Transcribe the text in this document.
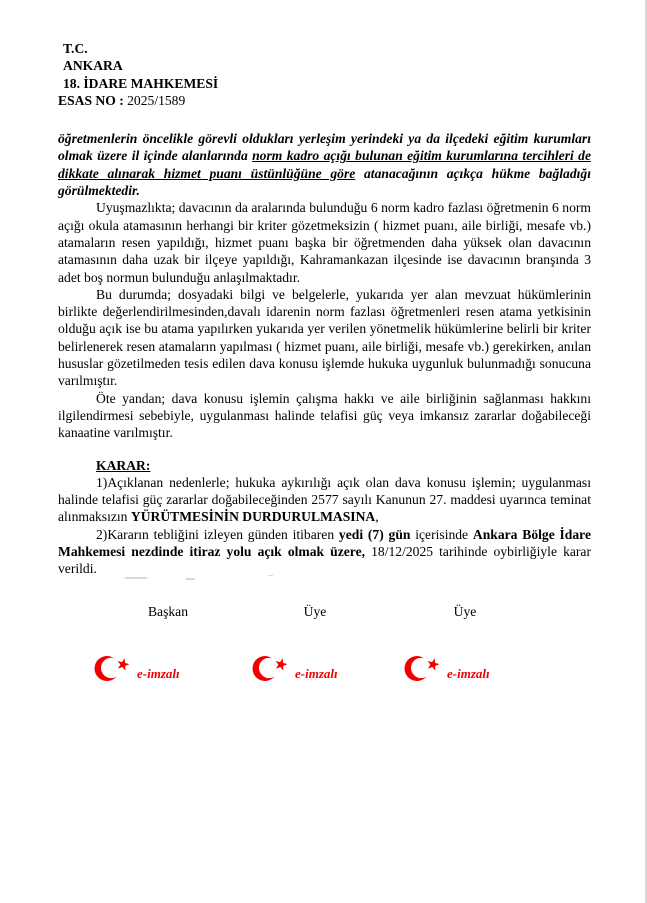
T.C.
ANKARA
18. İDARE MAHKEMESİ
ESAS NO : 2025/1589

öğretmenlerin öncelikle görevli oldukları yerleşim yerindeki ya da ilçedeki eğitim kurumları olmak üzere il içinde alanlarında norm kadro açığı bulunan eğitim kurumlarına tercihleri de dikkate alınarak hizmet puanı üstünlüğüne göre atanacağının açıkça hükme bağladığı görülmektedir.

Uyuşmazlıkta; davacının da aralarında bulunduğu 6 norm kadro fazlası öğretmenin 6 norm açığı okula atamasının herhangi bir kriter gözetmeksizin ( hizmet puanı, aile birliği, mesafe vb.) atamaların resen yapıldığı, hizmet puanı başka bir öğretmenden daha yüksek olan davacının atamasının daha uzak bir ilçeye yapıldığı, Kahramankazan ilçesinde ise davacının branşında 3 adet boş normun bulunduğu anlaşılmaktadır.

Bu durumda; dosyadaki bilgi ve belgelerle, yukarıda yer alan mevzuat hükümlerinin birlikte değerlendirilmesinden,davalı idarenin norm fazlası öğretmenleri resen atama yetkisinin olduğu açık ise bu atama yapılırken yukarıda yer verilen yönetmelik hükümlerine belirli bir kriter belirlenerek resen atamaların yapılması ( hizmet puanı, aile birliği, mesafe vb.) gerekirken, anılan hususlar gözetilmeden tesis edilen dava konusu işlemde hukuka uygunluk bulunmadığı sonucuna varılmıştır.

Öte yandan; dava konusu işlemin çalışma hakkı ve aile birliğinin sağlanması hakkını ilgilendirmesi sebebiyle, uygulanması halinde telafisi güç veya imkansız zararlar doğabileceği kanaatine varılmıştır.

KARAR:

1)Açıklanan nedenlerle; hukuka aykırılığı açık olan dava konusu işlemin; uygulanması halinde telafisi güç zararlar doğabileceğinden 2577 sayılı Kanunun 27. maddesi uyarınca teminat alınmaksızın YÜRÜTMESİNİN DURDURULMASINA,

2)Kararın tebliğini izleyen günden itibaren yedi (7) gün içerisinde Ankara Bölge İdare Mahkemesi nezdinde itiraz yolu açık olmak üzere, 18/12/2025 tarihinde oybirliğiyle karar verildi.

Başkan	Üye	Üye
e-imzalı	e-imzalı	e-imzalı
